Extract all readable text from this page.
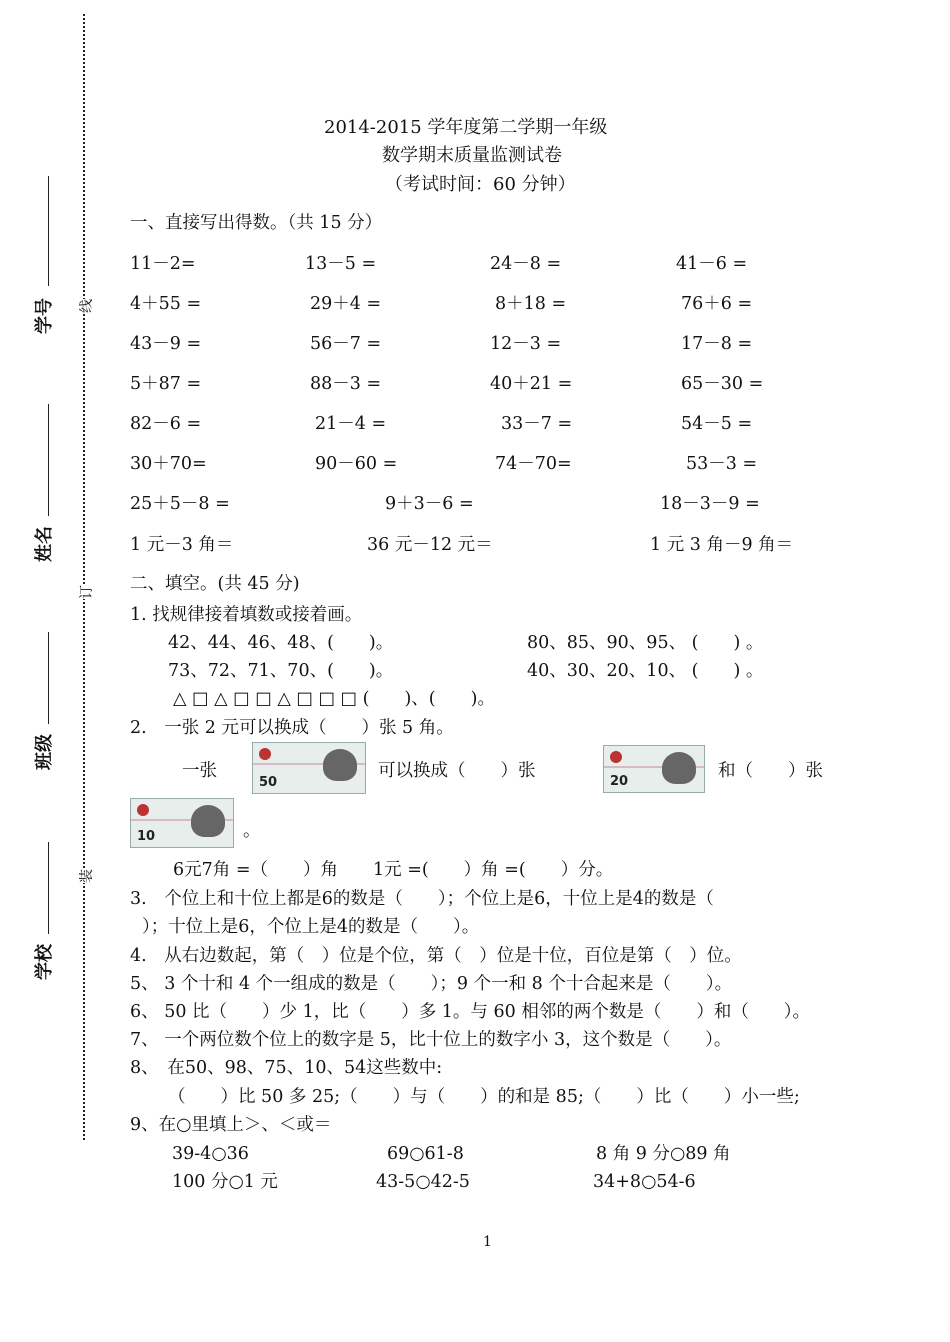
学号
姓名
班级
学校
线
订
装
2014-2015 学年度第二学期一年级
数学期末质量监测试卷
（考试时间：60 分钟）
一、直接写出得数。（共 15 分）
11－2=	13－5 =	24－8 =	41－6 =
4＋55 =	29＋4 =	8＋18 =	76＋6 =
43－9 =	56－7 =	12－3 =	17－8 =
5＋87 =	88－3 =	40＋21 =	65－30 =
82－6 =	21－4 =	33－7 =	54－5 =
30＋70=	90－60 =	74－70=	53－3 =
25＋5－8 =	9＋3－6 =	18－3－9 =
1 元－3 角＝	36 元－12 元＝	1 元 3 角－9 角＝
二、填空。(共 45 分)
1. 找规律接着填数或接着画。
42、44、46、48、(　　)。	80、85、90、95、 (　　) 。
73、72、71、70、(　　)。	40、30、20、10、 (　　) 。
△ □ △ □ □ △ □ □ □ (　　)、(　　)。
2.　一张 2 元可以换成（　　）张 5 角。
一张
50
可以换成（　　）张
20
和（　　）张
10	。
6元7角 =（　　）角　　1元 =(　　）角 =(　　）分。
3.　个位上和十位上都是6的数是（　　）；个位上是6，十位上是4的数是（
）；十位上是6，个位上是4的数是（　　）。
4.　从右边数起，第（　）位是个位，第（　）位是十位，百位是第（　）位。
5、 3 个十和 4 个一组成的数是（　　）；9 个一和 8 个十合起来是（　　）。
6、 50 比（　　）少 1，比（　　）多 1。与 60 相邻的两个数是（　　）和（　　）。
7、 一个两位数个位上的数字是 5，比十位上的数字小 3，这个数是（　　）。
8、　在50、98、75、10、54这些数中:
（　　）比 50 多 25;（　　）与（　　）的和是 85;（　　）比（　　）小一些;
9、在○里填上＞、＜或＝
39-4○36	69○61-8	8 角 9 分○89 角
100 分○1 元	43-5○42-5	34+8○54-6
1
